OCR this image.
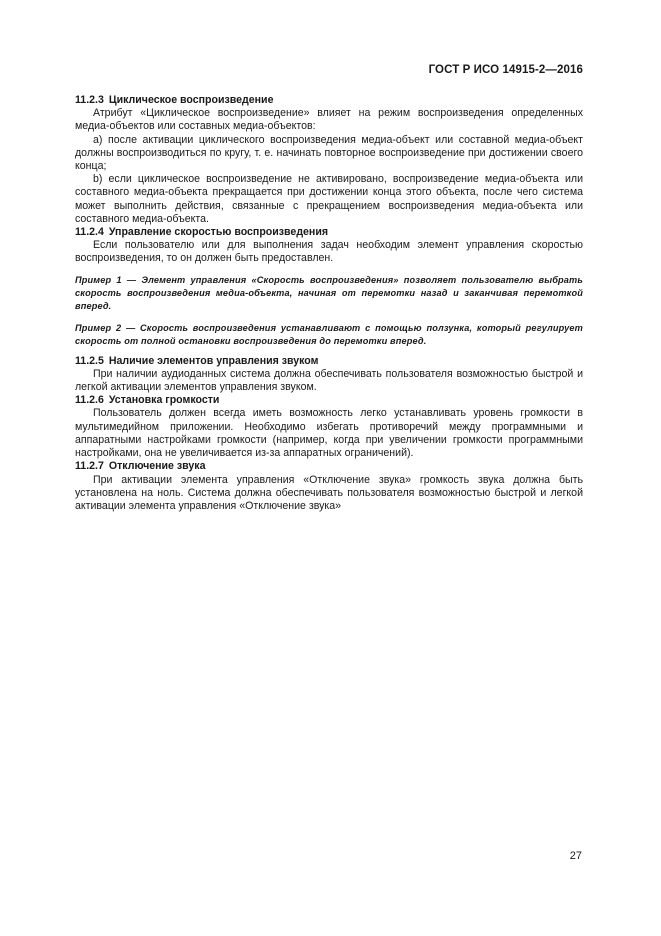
ГОСТ Р ИСО 14915-2—2016

11.2.3 Циклическое воспроизведение

Атрибут «Циклическое воспроизведение» влияет на режим воспроизведения определенных медиа-объектов или составных медиа-объектов:

a) после активации циклического воспроизведения медиа-объект или составной медиа-объект должны воспроизводиться по кругу, т. е. начинать повторное воспроизведение при достижении своего конца;

b) если циклическое воспроизведение не активировано, воспроизведение медиа-объекта или составного медиа-объекта прекращается при достижении конца этого объекта, после чего система может выполнить действия, связанные с прекращением воспроизведения медиа-объекта или составного медиа-объекта.

11.2.4 Управление скоростью воспроизведения

Если пользователю или для выполнения задач необходим элемент управления скоростью воспроизведения, то он должен быть предоставлен.

Пример 1 — Элемент управления «Скорость воспроизведения» позволяет пользователю выбрать скорость воспроизведения медиа-объекта, начиная от перемотки назад и заканчивая перемоткой вперед.

Пример 2 — Скорость воспроизведения устанавливают с помощью ползунка, который регулирует скорость от полной остановки воспроизведения до перемотки вперед.

11.2.5 Наличие элементов управления звуком

При наличии аудиоданных система должна обеспечивать пользователя возможностью быстрой и легкой активации элементов управления звуком.

11.2.6 Установка громкости

Пользователь должен всегда иметь возможность легко устанавливать уровень громкости в мультимедийном приложении. Необходимо избегать противоречий между программными и аппаратными настройками громкости (например, когда при увеличении громкости программными настройками, она не увеличивается из-за аппаратных ограничений).

11.2.7 Отключение звука

При активации элемента управления «Отключение звука» громкость звука должна быть установлена на ноль. Система должна обеспечивать пользователя возможностью быстрой и легкой активации элемента управления «Отключение звука»

27
